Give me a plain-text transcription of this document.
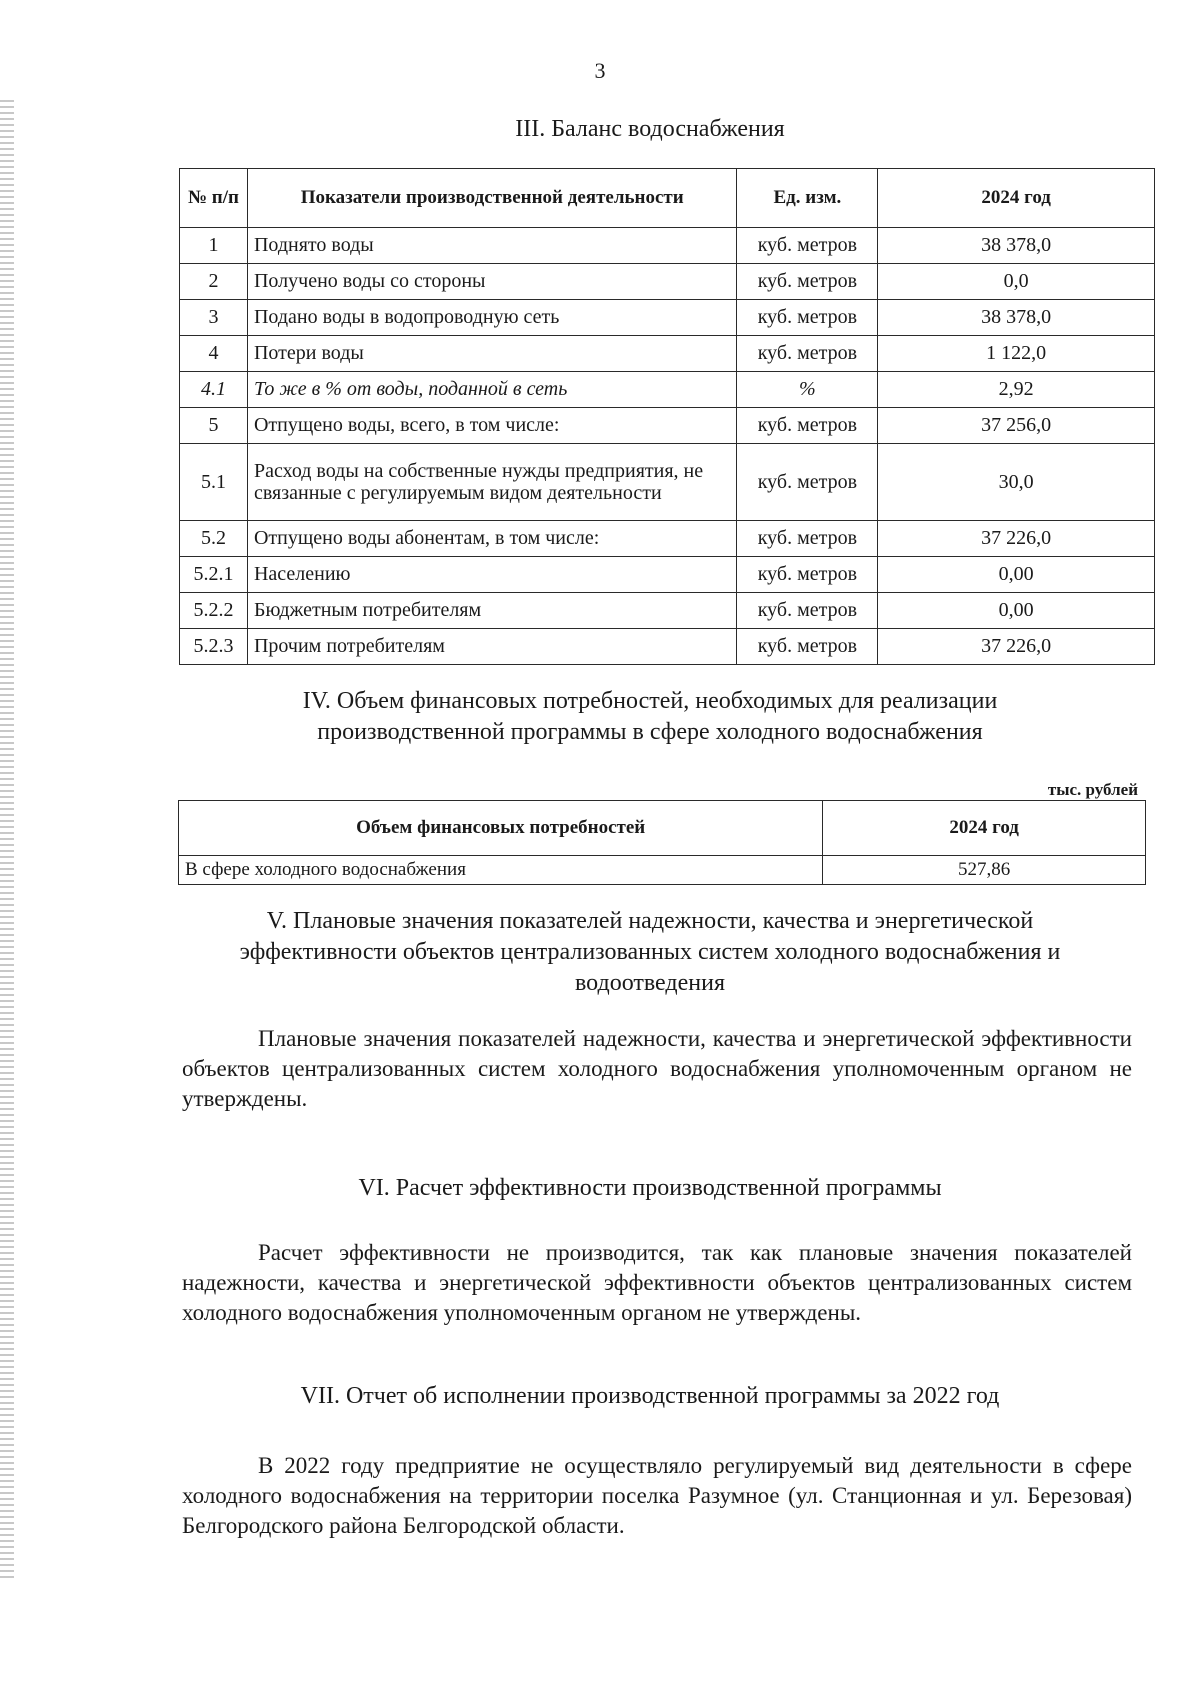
3
III. Баланс водоснабжения
№ п/п	Показатели производственной деятельности	Ед. изм.	2024 год
1	Поднято воды	куб. метров	38 378,0
2	Получено воды со стороны	куб. метров	0,0
3	Подано воды в водопроводную сеть	куб. метров	38 378,0
4	Потери воды	куб. метров	1 122,0
4.1	То же в % от воды, поданной в сеть	%	2,92
5	Отпущено воды, всего, в том числе:	куб. метров	37 256,0
5.1	Расход воды на собственные нужды предприятия, не связанные с регулируемым видом деятельности	куб. метров	30,0
5.2	Отпущено воды абонентам, в том числе:	куб. метров	37 226,0
5.2.1	Населению	куб. метров	0,00
5.2.2	Бюджетным потребителям	куб. метров	0,00
5.2.3	Прочим потребителям	куб. метров	37 226,0
IV. Объем финансовых потребностей, необходимых для реализации
производственной программы в сфере холодного водоснабжения
тыс. рублей
Объем финансовых потребностей	2024 год
В сфере холодного водоснабжения	527,86
V. Плановые значения показателей надежности, качества и энергетической
эффективности объектов централизованных систем холодного водоснабжения и
водоотведения
Плановые значения показателей надежности, качества и энергетической эффективности объектов централизованных систем холодного водоснабжения уполномоченным органом не утверждены.
VI. Расчет эффективности производственной программы
Расчет эффективности не производится, так как плановые значения показателей надежности, качества и энергетической эффективности объектов централизованных систем холодного водоснабжения уполномоченным органом не утверждены.
VII. Отчет об исполнении производственной программы за 2022 год
В 2022 году предприятие не осуществляло регулируемый вид деятельности в сфере холодного водоснабжения на территории поселка Разумное (ул. Станционная и ул. Березовая) Белгородского района Белгородской области.
